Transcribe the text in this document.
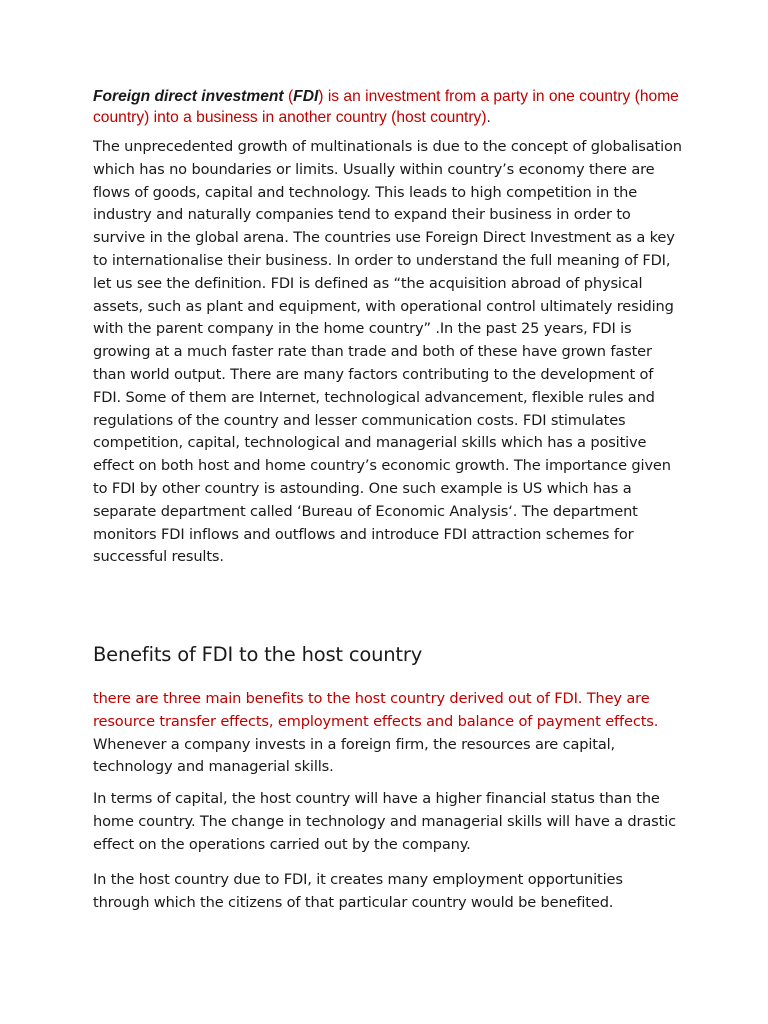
Foreign direct investment (FDI) is an investment from a party in one country (home country) into a business in another country (host country).

The unprecedented growth of multinationals is due to the concept of globalisation which has no boundaries or limits. Usually within country’s economy there are flows of goods, capital and technology. This leads to high competition in the industry and naturally companies tend to expand their business in order to survive in the global arena. The countries use Foreign Direct Investment as a key to internationalise their business. In order to understand the full meaning of FDI, let us see the definition. FDI is defined as “the acquisition abroad of physical assets, such as plant and equipment, with operational control ultimately residing with the parent company in the home country” .In the past 25 years, FDI is growing at a much faster rate than trade and both of these have grown faster than world output. There are many factors contributing to the development of FDI. Some of them are Internet, technological advancement, flexible rules and regulations of the country and lesser communication costs. FDI stimulates competition, capital, technological and managerial skills which has a positive effect on both host and home country’s economic growth. The importance given to FDI by other country is astounding. One such example is US which has a separate department called ‘Bureau of Economic Analysis‘. The department monitors FDI inflows and outflows and introduce FDI attraction schemes for successful results.

Benefits of FDI to the host country

there are three main benefits to the host country derived out of FDI. They are resource transfer effects, employment effects and balance of payment effects. Whenever a company invests in a foreign firm, the resources are capital, technology and managerial skills.

In terms of capital, the host country will have a higher financial status than the home country. The change in technology and managerial skills will have a drastic effect on the operations carried out by the company.

In the host country due to FDI, it creates many employment opportunities through which the citizens of that particular country would be benefited.
